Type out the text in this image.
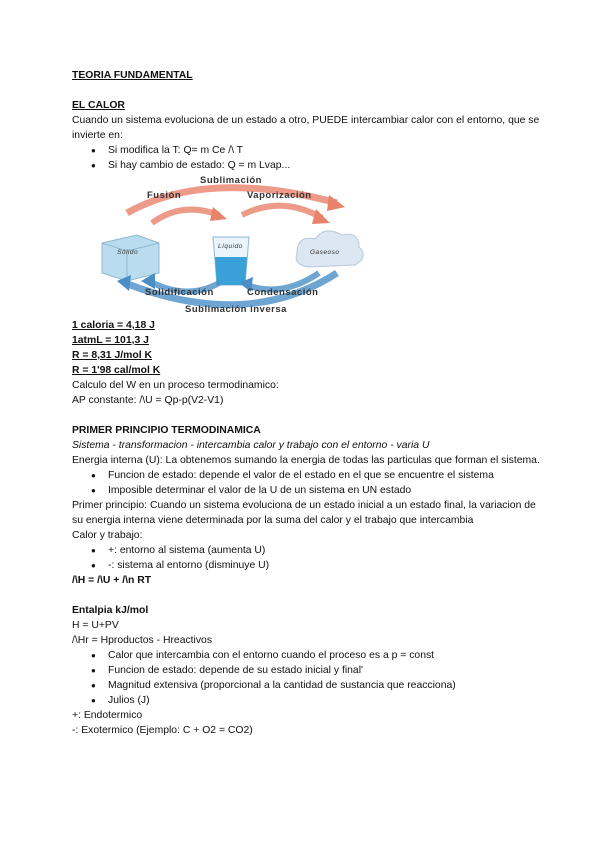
TEORIA FUNDAMENTAL

EL CALOR

Cuando un sistema evoluciona de un estado a otro, PUEDE intercambiar calor con el entorno, que se invierte en:

● Si modifica la T: Q= m Ce /\ T
● Si hay cambio de estado: Q = m Lvap...
Sublimación
Fusión	Vaporización
Sólido
Líquido
Gaseoso
Solidificación	Condensación
Sublimación inversa

1 caloria = 4,18 J

1atmL = 101,3 J

R = 8,31 J/mol K

R = 1'98 cal/mol K

Calculo del W en un proceso termodinamico:

AP constante: /\U = Qp-p(V2-V1)

PRIMER PRINCIPIO TERMODINAMICA

Sistema - transformacion - intercambia calor y trabajo con el entorno - varia U

Energia interna (U): La obtenemos sumando la energia de todas las particulas que forman el sistema.

● Funcion de estado: depende el valor de el estado en el que se encuentre el sistema
● Imposible determinar el valor de la U de un sistema en UN estado

Primer principio: Cuando un sistema evoluciona de un estado inicial a un estado final, la variacion de su energia interna viene determinada por la suma del calor y el trabajo que intercambia

Calor y trabajo:

● +: entorno al sistema (aumenta U)
● -: sistema al entorno (disminuye U)

/\H = /\U + /\n RT

Entalpia kJ/mol

H = U+PV

/\Hr = Hproductos - Hreactivos

● Calor que intercambia con el entorno cuando el proceso es a p = const
● Funcion de estado: depende de su estado inicial y final'
● Magnitud extensiva (proporcional a la cantidad de sustancia que reacciona)
● Julios (J)

+: Endotermico

-: Exotermico (Ejemplo: C + O2 = CO2)
